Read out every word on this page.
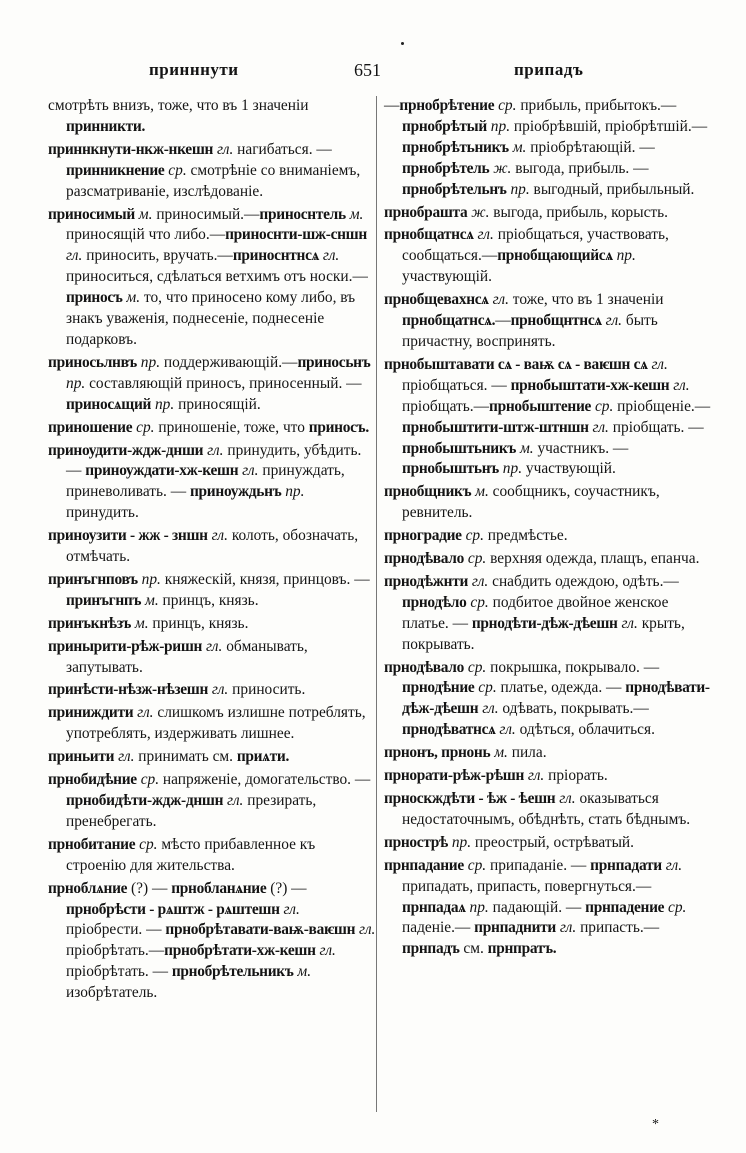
принннути	651	припадъ

смотрѣть внизъ, тоже, что въ 1 значенiи принникти.

приннкнути-нкж-нкешн гл. нагибаться. —принникнение ср. смотрѣнiе со вниманiемъ, разсматриванiе, изслѣдованiе.

приносимый м. приносимый.—приноснтель м. приносящiй что либо.—приноснти-шж-сншн гл. приносить, вручать.—приноснтнсѧ гл. приноситься, сдѣлаться ветхимъ отъ носки.—приносъ м. то, что приносено кому либо, въ знакъ уваженiя, поднесенiе, поднесенiе подарковъ.

приносьлнвъ пр. поддерживающiй.—приносьнъ пр. составляющiй приносъ, приносенный. — приносѧщий пр. приносящiй.

приношение ср. приношенiе, тоже, что приносъ.

приноудити-ждж-днши гл. принудить, убѣдить. — приноуждати-хж-кешн гл. принуждать, приневоливать. — приноуждьнъ пр. принудить.

приноузити - жж - зншн гл. колоть, обозначать, отмѣчать.

принъгнповъ пр. княжескiй, князя, принцовъ. — принъгнпъ м. принцъ, князь.

принъкнѣзъ м. принцъ, князь.

принырити-рѣж-ришн гл. обманывать, запутывать.

принѣсти-нѣзж-нѣзешн гл. приносить.

приниждити гл. слишкомъ излишне потреблять, употреблять, издерживать лишнее.

приньити гл. принимать см. приѧти.

прнобидѣние ср. напряженiе, домогательство. — прнобидѣти-ждж-дншн гл. презирать, пренебрегать.

прнобитание ср. мѣсто прибавленное къ строенiю для жительства.

прноблѧние (?) — прнобланѧние (?) — прнобрѣсти - рѧштж - рѧштешн гл. прiобрести. — прнобрѣтавати-ваѭ-ваѥшн гл. прiобрѣтать.—прнобрѣтати-хж-кешн гл. прiобрѣтать. — прнобрѣтельникъ м. изобрѣтатель.

—прнобрѣтение ср. прибыль, прибытокъ.—прнобрѣтый пр. прiобрѣвшiй, прiобрѣтшiй.—прнобрѣтьникъ м. прiобрѣтающiй. — прнобрѣтель ж. выгода, прибыль. — прнобрѣтельнъ пр. выгодный, прибыльный.

прнобрашта ж. выгода, прибыль, корысть.

прнобщатнсѧ гл. прiобщаться, участвовать, сообщаться.—прнобщающийсѧ пр. участвующiй.

прнобщевахнсѧ гл. тоже, что въ 1 значенiи прнобщатнсѧ.—прнобщнтнсѧ гл. быть причастну, воспринять.

прнобыштавати сѧ - ваѭ сѧ - ваѥшн сѧ гл. прiобщаться. — прнобыштати-хж-кешн гл. прiобщать.—прнобыштение ср. прiобщенiе.—прнобыштити-штж-штншн гл. прiобщать. — прнобыштьникъ м. участникъ. — прнобыштьнъ пр. участвующiй.

прнобщникъ м. сообщникъ, соучастникъ, ревнитель.

прноградие ср. предмѣстье.

прнодѣвало ср. верхняя одежда, плащъ, епанча.

прнодѣжнти гл. снабдить одеждою, одѣть.—прнодѣло ср. подбитое двойное женское платье. — прнодѣти-дѣж-дѣешн гл. крыть, покрывать.

прнодѣвало ср. покрышка, покрывало. — прнодѣние ср. платье, одежда. — прнодѣвати-дѣж-дѣешн гл. одѣвать, покрывать.—прнодѣватнсѧ гл. одѣться, облачиться.

прнонъ, прнонь м. пила.

прнорати-рѣж-рѣшн гл. прiорать.

прноскждѣти - ѣж - ѣешн гл. оказываться недостаточнымъ, обѣднѣть, стать бѣднымъ.

прнострѣ пр. преострый, острѣватый.

прнпадание ср. припаданiе. — прнпадати гл. припадать, припасть, повергнуться.—прнпадаѧ пр. падающiй. — прнпадение ср. паденiе.— прнпаднити гл. припасть.—прнпадъ см. прнпратъ.

*
